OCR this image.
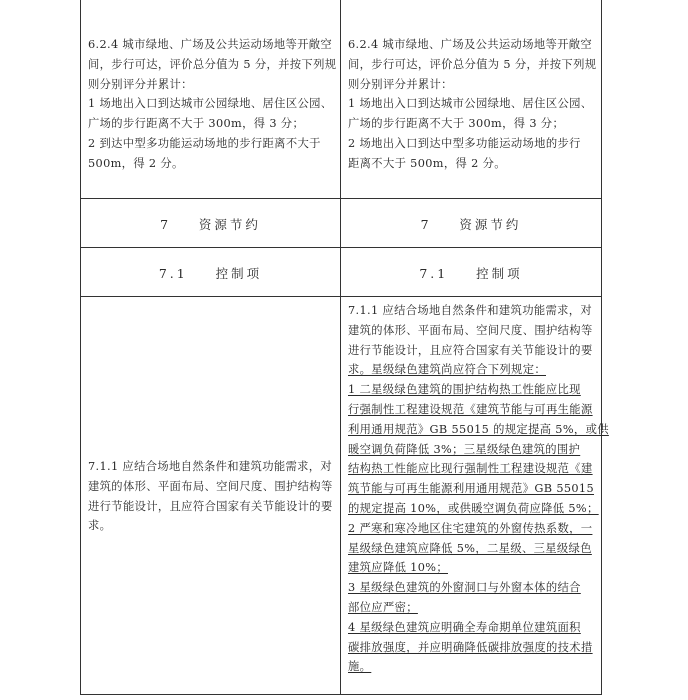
6.2.4 城市绿地、广场及公共运动场地等开敞空
间，步行可达，评价总分值为 5 分，并按下列规
则分别评分并累计：
1 场地出入口到达城市公园绿地、居住区公园、
广场的步行距离不大于 300m，得 3 分；
2 到达中型多功能运动场地的步行距离不大于
500m，得 2 分。
6.2.4 城市绿地、广场及公共运动场地等开敞空
间，步行可达，评价总分值为 5 分，并按下列规
则分别评分并累计：
1 场地出入口到达城市公园绿地、居住区公园、
广场的步行距离不大于 300m，得 3 分；
2 场地出入口到达中型多功能运动场地的步行
距离不大于 500m，得 2 分。
7    资源节约	7    资源节约
7.1    控制项	7.1    控制项
7.1.1 应结合场地自然条件和建筑功能需求，对
建筑的体形、平面布局、空间尺度、围护结构等
进行节能设计，且应符合国家有关节能设计的要
求。
7.1.1 应结合场地自然条件和建筑功能需求，对
建筑的体形、平面布局、空间尺度、围护结构等
进行节能设计，且应符合国家有关节能设计的要
求。星级绿色建筑尚应符合下列规定：
1 二星级绿色建筑的围护结构热工性能应比现
行强制性工程建设规范《建筑节能与可再生能源
利用通用规范》GB 55015 的规定提高 5%，或供
暖空调负荷降低 3%；三星级绿色建筑的围护
结构热工性能应比现行强制性工程建设规范《建
筑节能与可再生能源利用通用规范》GB 55015
的规定提高 10%，或供暖空调负荷应降低 5%；
2 严寒和寒冷地区住宅建筑的外窗传热系数，一
星级绿色建筑应降低 5%，二星级、三星级绿色
建筑应降低 10%；
3 星级绿色建筑的外窗洞口与外窗本体的结合
部位应严密；
4 星级绿色建筑应明确全寿命期单位建筑面积
碳排放强度，并应明确降低碳排放强度的技术措
施。
